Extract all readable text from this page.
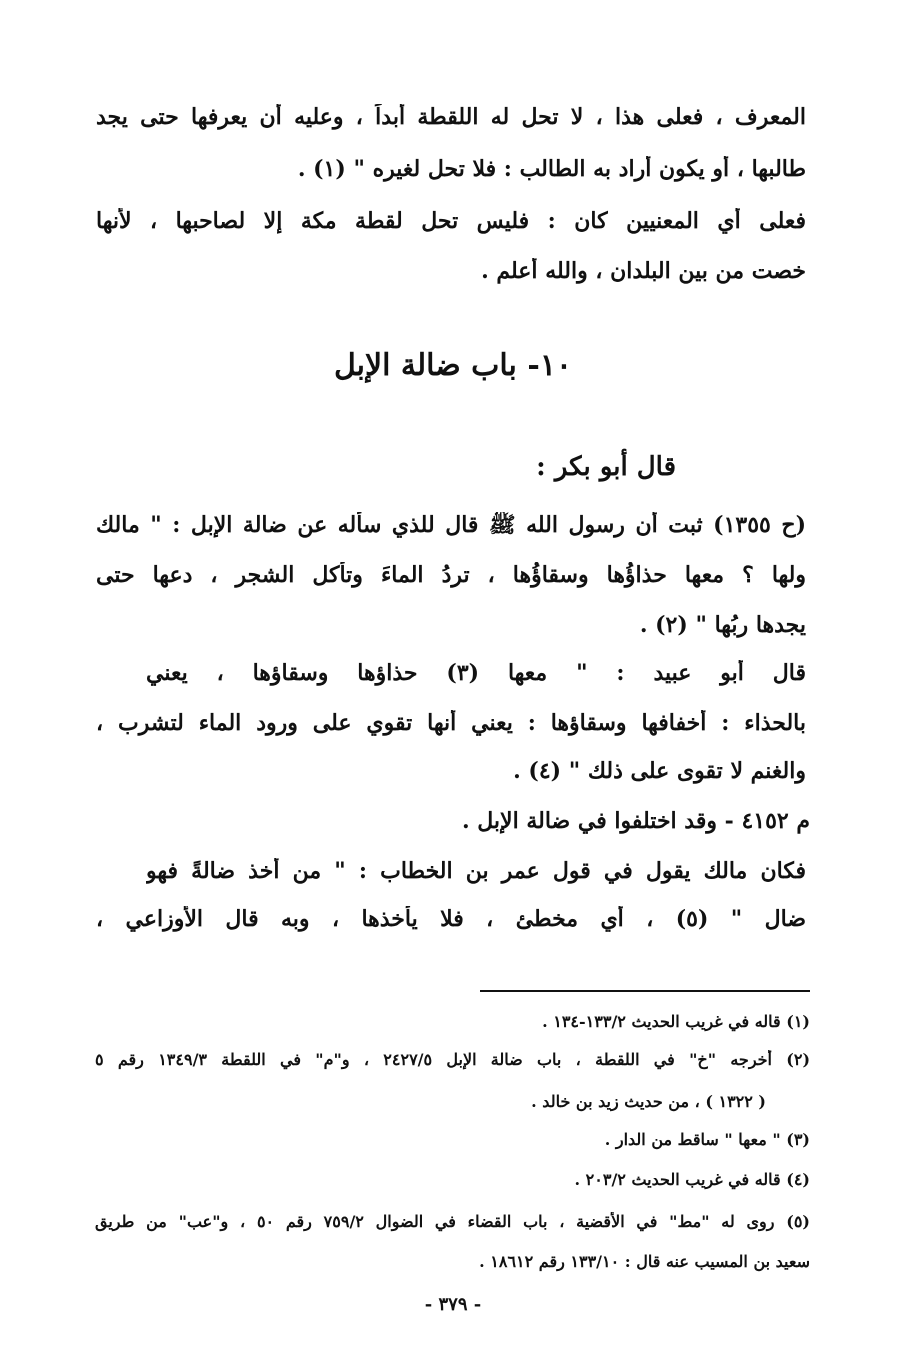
المعرف ، فعلى هذا ، لا تحل له اللقطة أبداً ، وعليه أن يعرفها حتى يجد
طالبها ، أو يكون أراد به الطالب : فلا تحل لغيره " (١) .
فعلى أي المعنيين كان : فليس تحل لقطة مكة إلا لصاحبها ، لأنها
خصت من بين البلدان ، والله أعلم .
١٠- باب ضالة الإبل
قال أبو بكر :
(ح ١٣٥٥) ثبت أن رسول الله ﷺ قال للذي سأله عن ضالة الإبل : " مالك
ولها ؟ معها حذاؤُها وسقاؤُها ، تردُ الماءَ وتأكل الشجر ، دعها حتى
يجدها ربُها " (٢) .
قال أبو عبيد : " معها (٣) حذاؤها وسقاؤها ، يعني
بالحذاء : أخفافها وسقاؤها : يعني أنها تقوي على ورود الماء لتشرب ،
والغنم لا تقوى على ذلك " (٤) .
م ٤١٥٢ - وقد اختلفوا في ضالة الإبل .
فكان مالك يقول في قول عمر بن الخطاب : " من أخذ ضالةً فهو
ضال " (٥) ، أي مخطئ ، فلا يأخذها ، وبه قال الأوزاعي ،
(١) قاله في غريب الحديث ١٣٣/٢-١٣٤ .
(٢) أخرجه "خ" في اللقطة ، باب ضالة الإبل ٢٤٢٧/٥ ، و"م" في اللقطة ١٣٤٩/٣ رقم ٥
( ١٣٢٢ ) ، من حديث زيد بن خالد .
(٣) " معها " ساقط من الدار .
(٤) قاله في غريب الحديث ٢٠٣/٢ .
(٥) روى له "مط" في الأقضية ، باب القضاء في الضوال ٧٥٩/٢ رقم ٥٠ ، و"عب" من طريق
سعيد بن المسيب عنه قال : ١٣٣/١٠ رقم ١٨٦١٢ .
- ٣٧٩ -
